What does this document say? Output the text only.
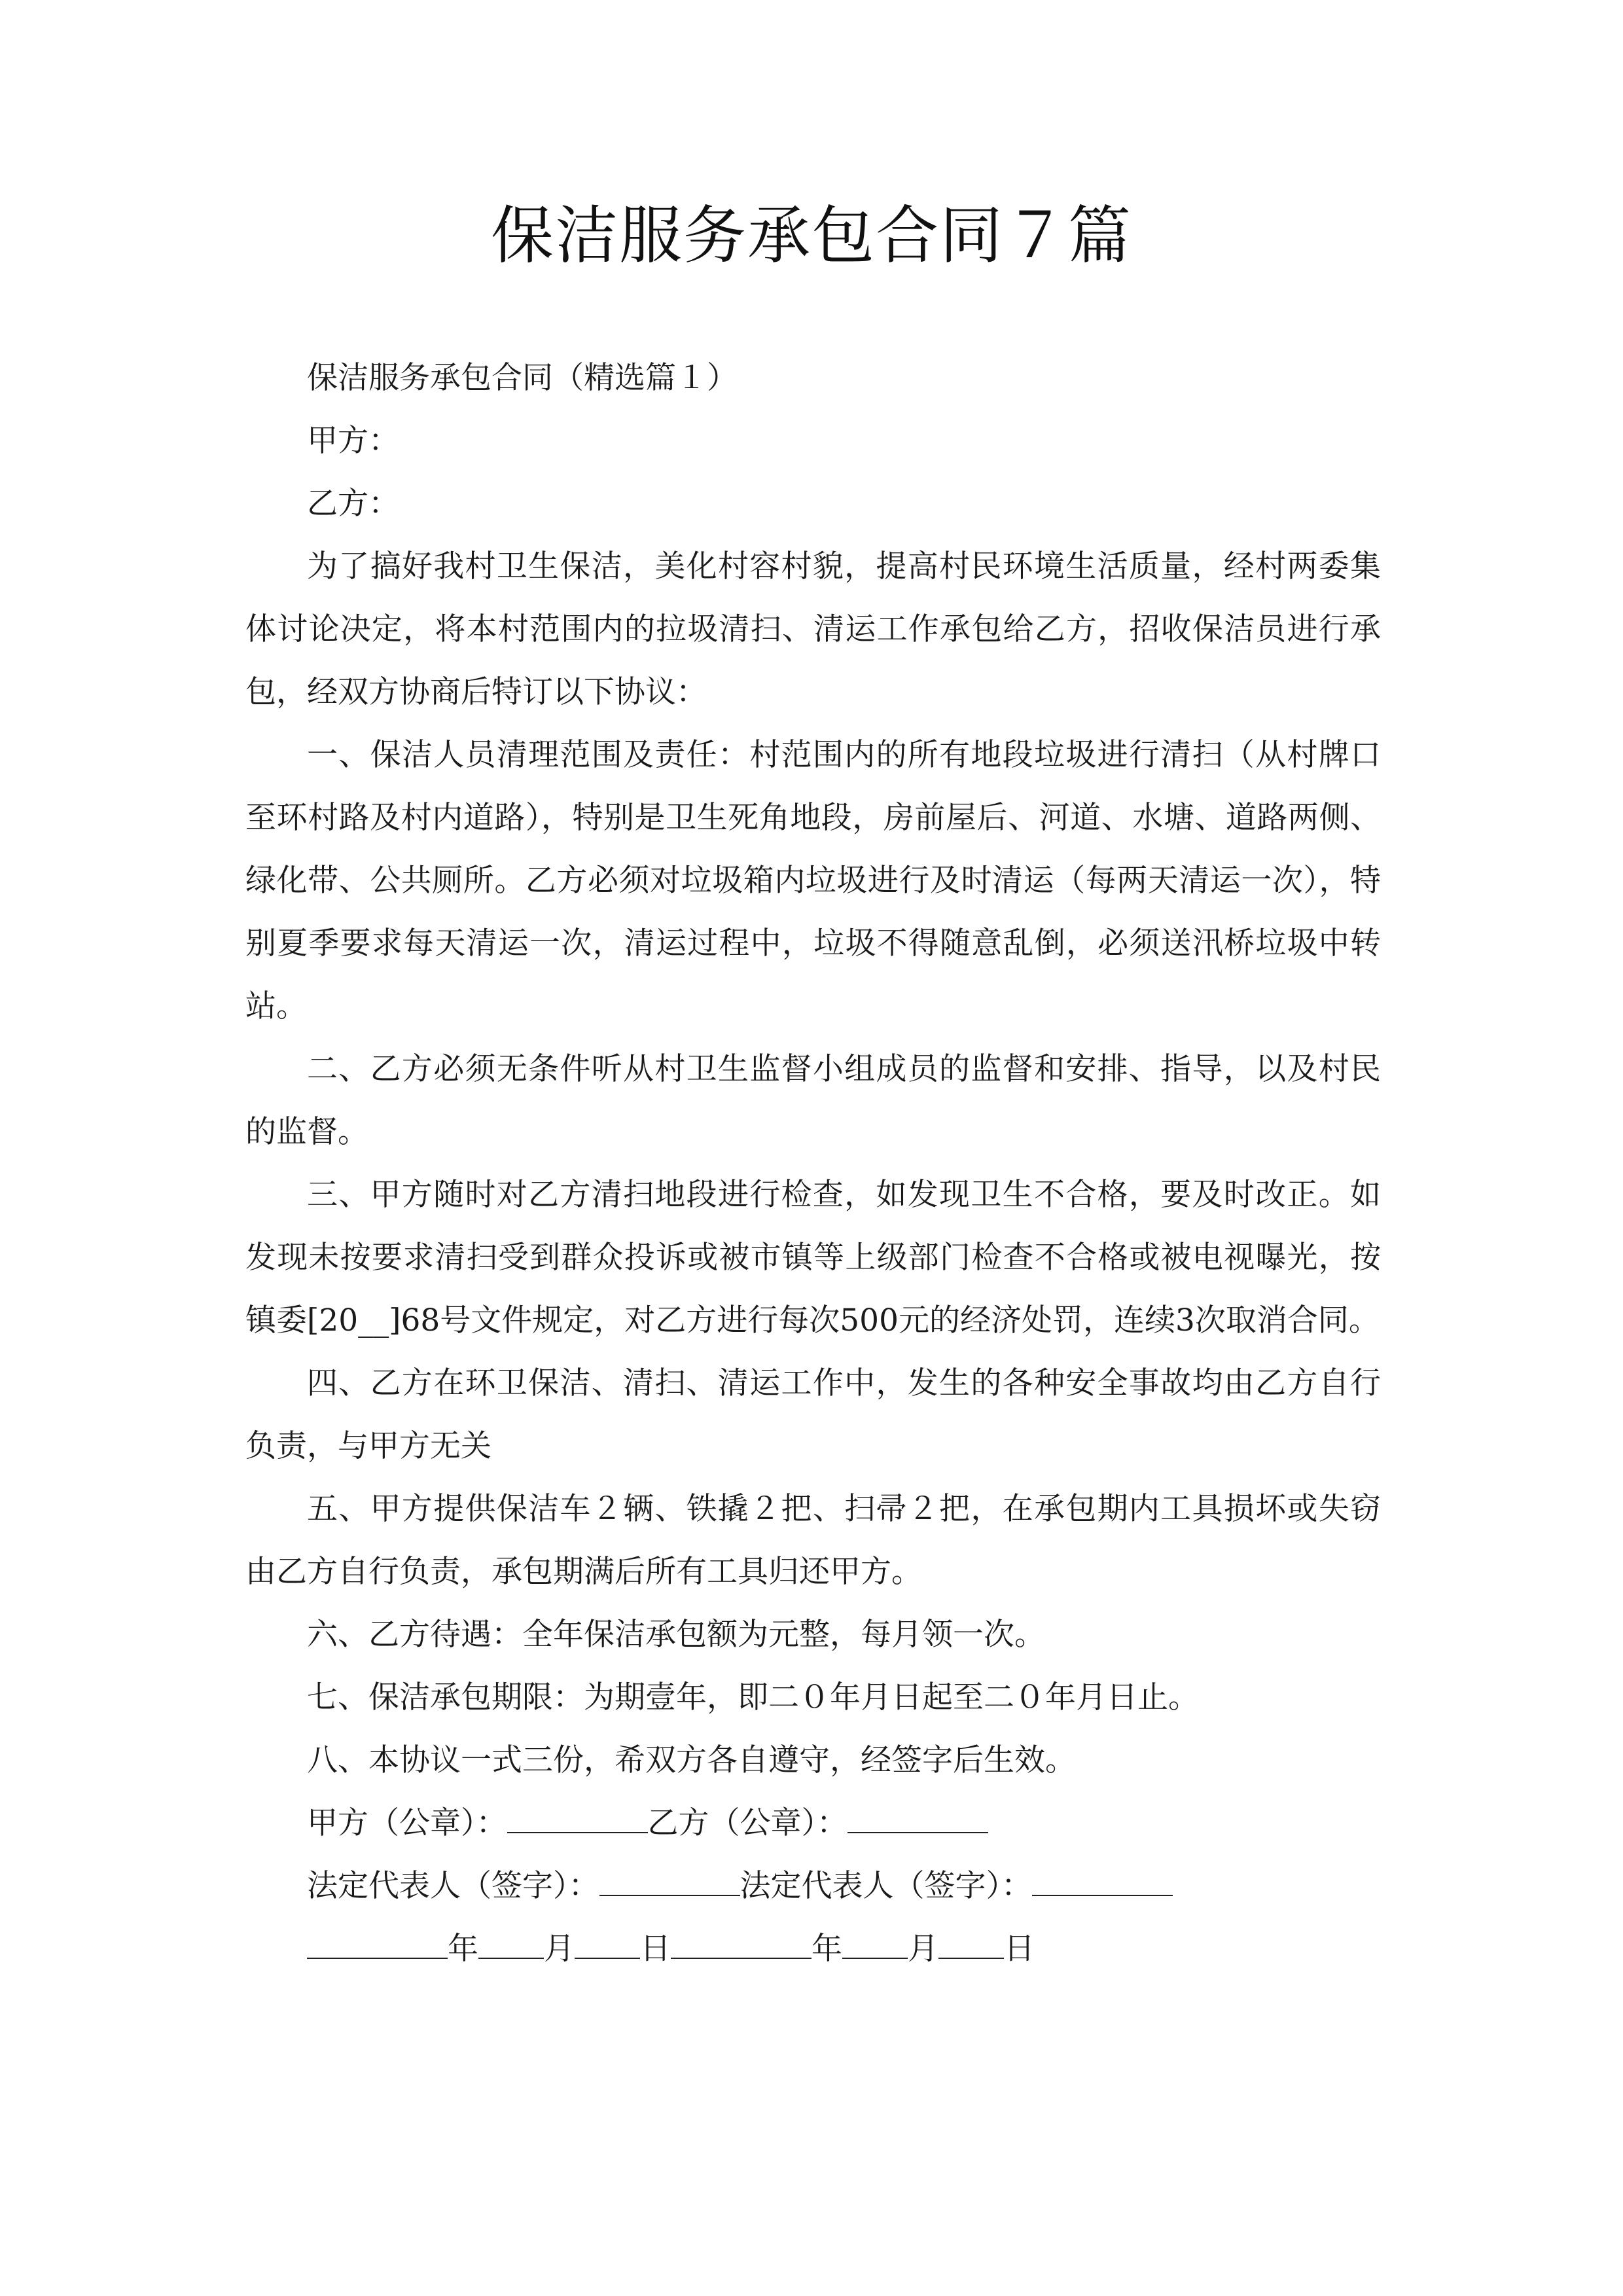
保洁服务承包合同７篇

保洁服务承包合同（精选篇１）

甲方：

乙方：

为了搞好我村卫生保洁，美化村容村貌，提高村民环境生活质量，经村两委集体讨论决定，将本村范围内的拉圾清扫、清运工作承包给乙方，招收保洁员进行承包，经双方协商后特订以下协议：

一、保洁人员清理范围及责任：村范围内的所有地段垃圾进行清扫（从村牌口至环村路及村内道路），特别是卫生死角地段，房前屋后、河道、水塘、道路两侧、绿化带、公共厕所。乙方必须对垃圾箱内垃圾进行及时清运（每两天清运一次），特别夏季要求每天清运一次，清运过程中，垃圾不得随意乱倒，必须送汛桥垃圾中转站。

二、乙方必须无条件听从村卫生监督小组成员的监督和安排、指导，以及村民的监督。

三、甲方随时对乙方清扫地段进行检查，如发现卫生不合格，要及时改正。如发现未按要求清扫受到群众投诉或被市镇等上级部门检查不合格或被电视曝光，按镇委[20__]68号文件规定，对乙方进行每次500元的经济处罚，连续3次取消合同。

四、乙方在环卫保洁、清扫、清运工作中，发生的各种安全事故均由乙方自行负责，与甲方无关

五、甲方提供保洁车２辆、铁撬２把、扫帚２把，在承包期内工具损坏或失窃由乙方自行负责，承包期满后所有工具归还甲方。

六、乙方待遇：全年保洁承包额为元整，每月领一次。

七、保洁承包期限：为期壹年，即二０年月日起至二０年月日止。

八、本协议一式三份，希双方各自遵守，经签字后生效。

甲方（公章）：	乙方（公章）：
法定代表人（签字）：	法定代表人（签字）：
年 月 日	年 月 日
